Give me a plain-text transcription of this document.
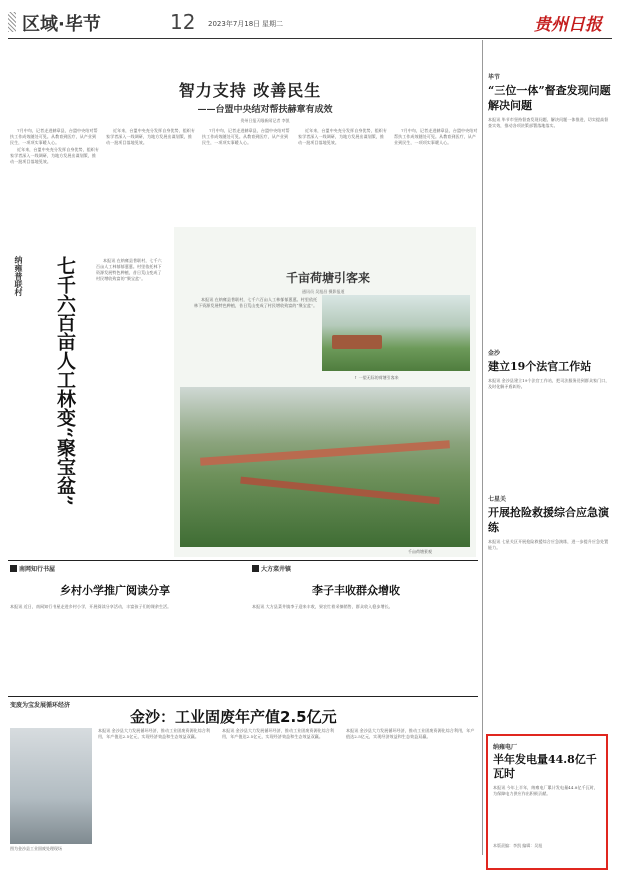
区域·毕节	12 2023年7月18日 星期二	贵州日报
智力支持 改善民生
——台盟中央结对帮扶赫章有成效
贵州日报天眼新闻记者 李凯

7月中旬，记者走进赫章县，台盟中央结对帮扶工作成效随处可见。从教育到医疗，从产业到民生，一项项实事暖人心。

近年来，台盟中央充分发挥自身优势，组织专家学者深入一线调研，为地方发展出谋划策，推动一批项目落地见效。

近年来，台盟中央充分发挥自身优势，组织专家学者深入一线调研，为地方发展出谋划策，推动一批项目落地见效。

7月中旬，记者走进赫章县，台盟中央结对帮扶工作成效随处可见。从教育到医疗，从产业到民生，一项项实事暖人心。

近年来，台盟中央充分发挥自身优势，组织专家学者深入一线调研，为地方发展出谋划策，推动一批项目落地见效。

7月中旬，记者走进赫章县，台盟中央结对帮扶工作成效随处可见。从教育到医疗，从产业到民生，一项项实事暖人心。

纳雍普联村	七千六百亩人工林变“聚宝盆”	本报讯 在纳雍县普联村，七千六百亩人工林郁郁葱葱。村里依托林下资源发展特色种植，昔日荒山变成了村民增收致富的“聚宝盆”。	千亩荷塘引客来
通讯员 吴旭昌 摄影报道

本报讯 在纳雍县普联村，七千六百亩人工林郁郁葱葱。村里依托林下资源发展特色种植，昔日荒山变成了村民增收致富的“聚宝盆”。

↑ 一望无际的荷塘引客来
千亩荷塘景观
毕节
“三位一体”督查发现问题解决问题
本报讯 毕节市坚持督查发现问题、解决问题一体推进，切实提高督查实效，推动各项决策部署落地落实。
金沙
建立19个法官工作站
本报讯 金沙县建立19个法官工作站，把司法服务送到群众家门口，及时化解矛盾纠纷。
七星关
开展抢险救援综合应急演练
本报讯 七星关区开展抢险救援综合应急演练，进一步提升应急处置能力。
南网知行书屋
乡村小学推广阅读分享
本报讯 近日，南网知行书屋走进乡村小学，开展阅读分享活动，丰富孩子们的课余生活。
大方菜井镇
李子丰收群众增收
本报讯 大方县菜井镇李子迎来丰收，果农忙着采摘销售，群众收入稳步增长。
变废为宝发展循环经济
金沙：工业固废年产值2.5亿元
图为金沙县工业固废处理现场
本报讯 金沙县大力发展循环经济，推动工业固废资源化综合利用，年产值达2.5亿元，实现经济效益和生态效益双赢。
本报讯 金沙县大力发展循环经济，推动工业固废资源化综合利用，年产值达2.5亿元，实现经济效益和生态效益双赢。
本报讯 金沙县大力发展循环经济，推动工业固废资源化综合利用，年产值达2.5亿元，实现经济效益和生态效益双赢。
纳雍电厂
半年发电量44.8亿千瓦时
本报讯 今年上半年，纳雍电厂累计发电量44.8亿千瓦时，为保障电力供应作出积极贡献。
本版责编：李凯 编辑：吴旭
